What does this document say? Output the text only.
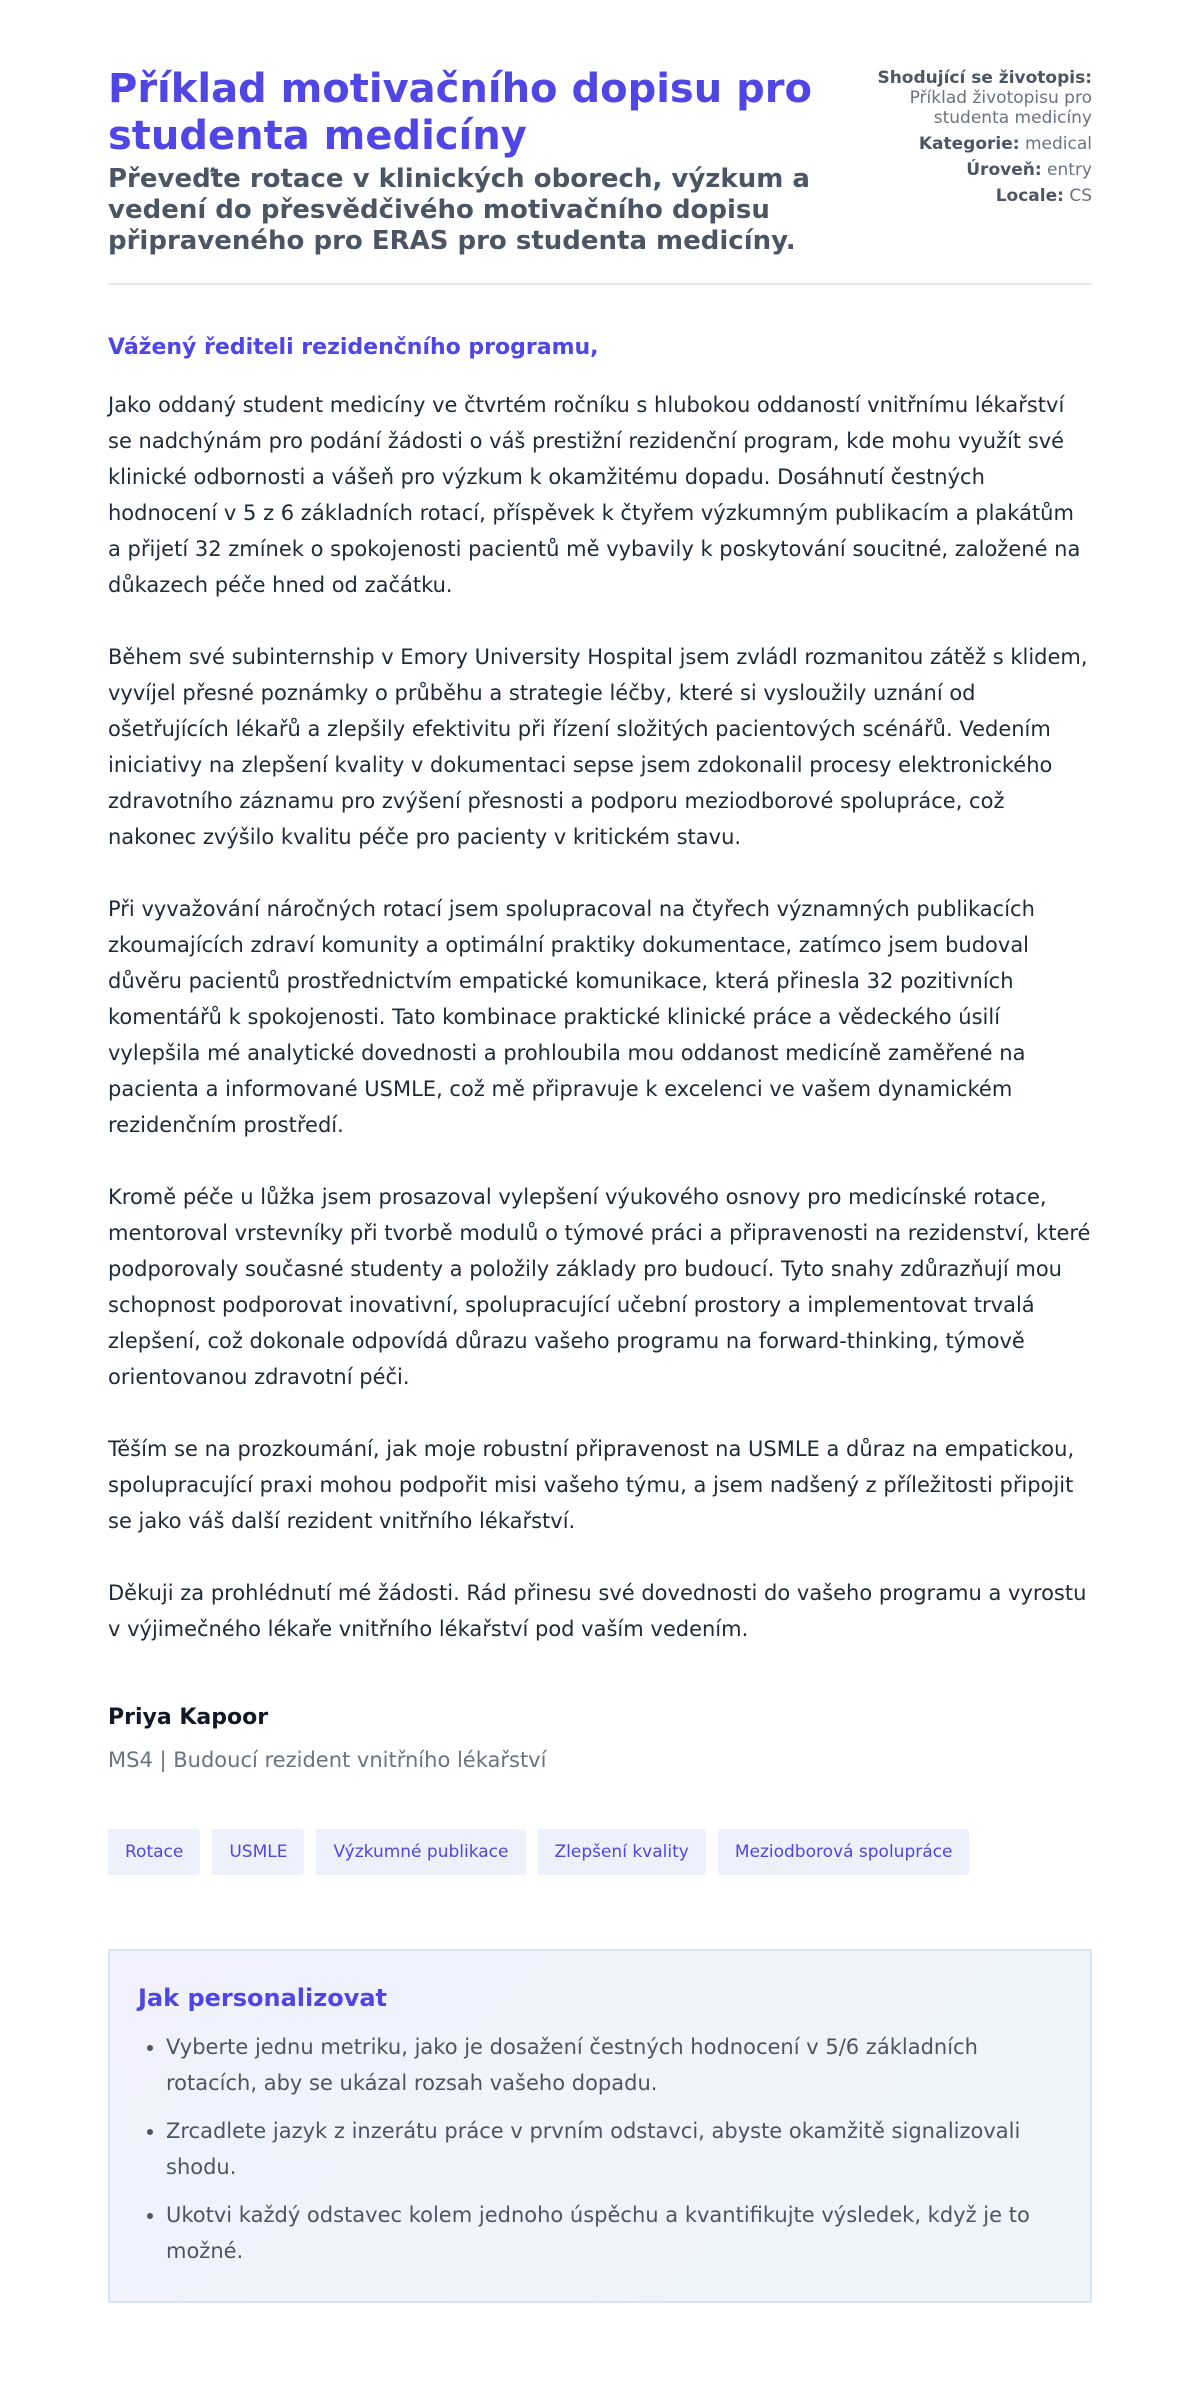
Příklad motivačního dopisu pro studenta medicíny
Převeďte rotace v klinických oborech, výzkum a vedení do přesvědčivého motivačního dopisu připraveného pro ERAS pro studenta medicíny.
Shodující se životopis: Příklad životopisu pro studenta medicíny
Kategorie: medical
Úroveň: entry
Locale: CS
Vážený řediteli rezidenčního programu,

Jako oddaný student medicíny ve čtvrtém ročníku s hlubokou oddaností vnitřnímu lékařství se nadchýnám pro podání žádosti o váš prestižní rezidenční program, kde mohu využít své klinické odbornosti a vášeň pro výzkum k okamžitému dopadu. Dosáhnutí čestných hodnocení v 5 z 6 základních rotací, příspěvek k čtyřem výzkumným publikacím a plakátům a přijetí 32 zmínek o spokojenosti pacientů mě vybavily k poskytování soucitné, založené na důkazech péče hned od začátku.

Během své subinternship v Emory University Hospital jsem zvládl rozmanitou zátěž s klidem, vyvíjel přesné poznámky o průběhu a strategie léčby, které si vysloužily uznání od ošetřujících lékařů a zlepšily efektivitu při řízení složitých pacientových scénářů. Vedením iniciativy na zlepšení kvality v dokumentaci sepse jsem zdokonalil procesy elektronického zdravotního záznamu pro zvýšení přesnosti a podporu meziodborové spolupráce, což nakonec zvýšilo kvalitu péče pro pacienty v kritickém stavu.

Při vyvažování náročných rotací jsem spolupracoval na čtyřech významných publikacích zkoumajících zdraví komunity a optimální praktiky dokumentace, zatímco jsem budoval důvěru pacientů prostřednictvím empatické komunikace, která přinesla 32 pozitivních komentářů k spokojenosti. Tato kombinace praktické klinické práce a vědeckého úsilí vylepšila mé analytické dovednosti a prohloubila mou oddanost medicíně zaměřené na pacienta a informované USMLE, což mě připravuje k excelenci ve vašem dynamickém rezidenčním prostředí.

Kromě péče u lůžka jsem prosazoval vylepšení výukového osnovy pro medicínské rotace, mentoroval vrstevníky při tvorbě modulů o týmové práci a připravenosti na rezidenství, které podporovaly současné studenty a položily základy pro budoucí. Tyto snahy zdůrazňují mou schopnost podporovat inovativní, spolupracující učební prostory a implementovat trvalá zlepšení, což dokonale odpovídá důrazu vašeho programu na forward-thinking, týmově orientovanou zdravotní péči.

Těším se na prozkoumání, jak moje robustní připravenost na USMLE a důraz na empatickou, spolupracující praxi mohou podpořit misi vašeho týmu, a jsem nadšený z příležitosti připojit se jako váš další rezident vnitřního lékařství.

Děkuji za prohlédnutí mé žádosti. Rád přinesu své dovednosti do vašeho programu a vyrostu v výjimečného lékaře vnitřního lékařství pod vaším vedením.

Priya Kapoor
MS4 | Budoucí rezident vnitřního lékařství
Rotace	USMLE	Výzkumné publikace	Zlepšení kvality	Meziodborová spolupráce
Jak personalizovat
• Vyberte jednu metriku, jako je dosažení čestných hodnocení v 5/6 základních rotacích, aby se ukázal rozsah vašeho dopadu.
• Zrcadlete jazyk z inzerátu práce v prvním odstavci, abyste okamžitě signalizovali shodu.
• Ukotvi každý odstavec kolem jednoho úspěchu a kvantifikujte výsledek, když je to možné.
